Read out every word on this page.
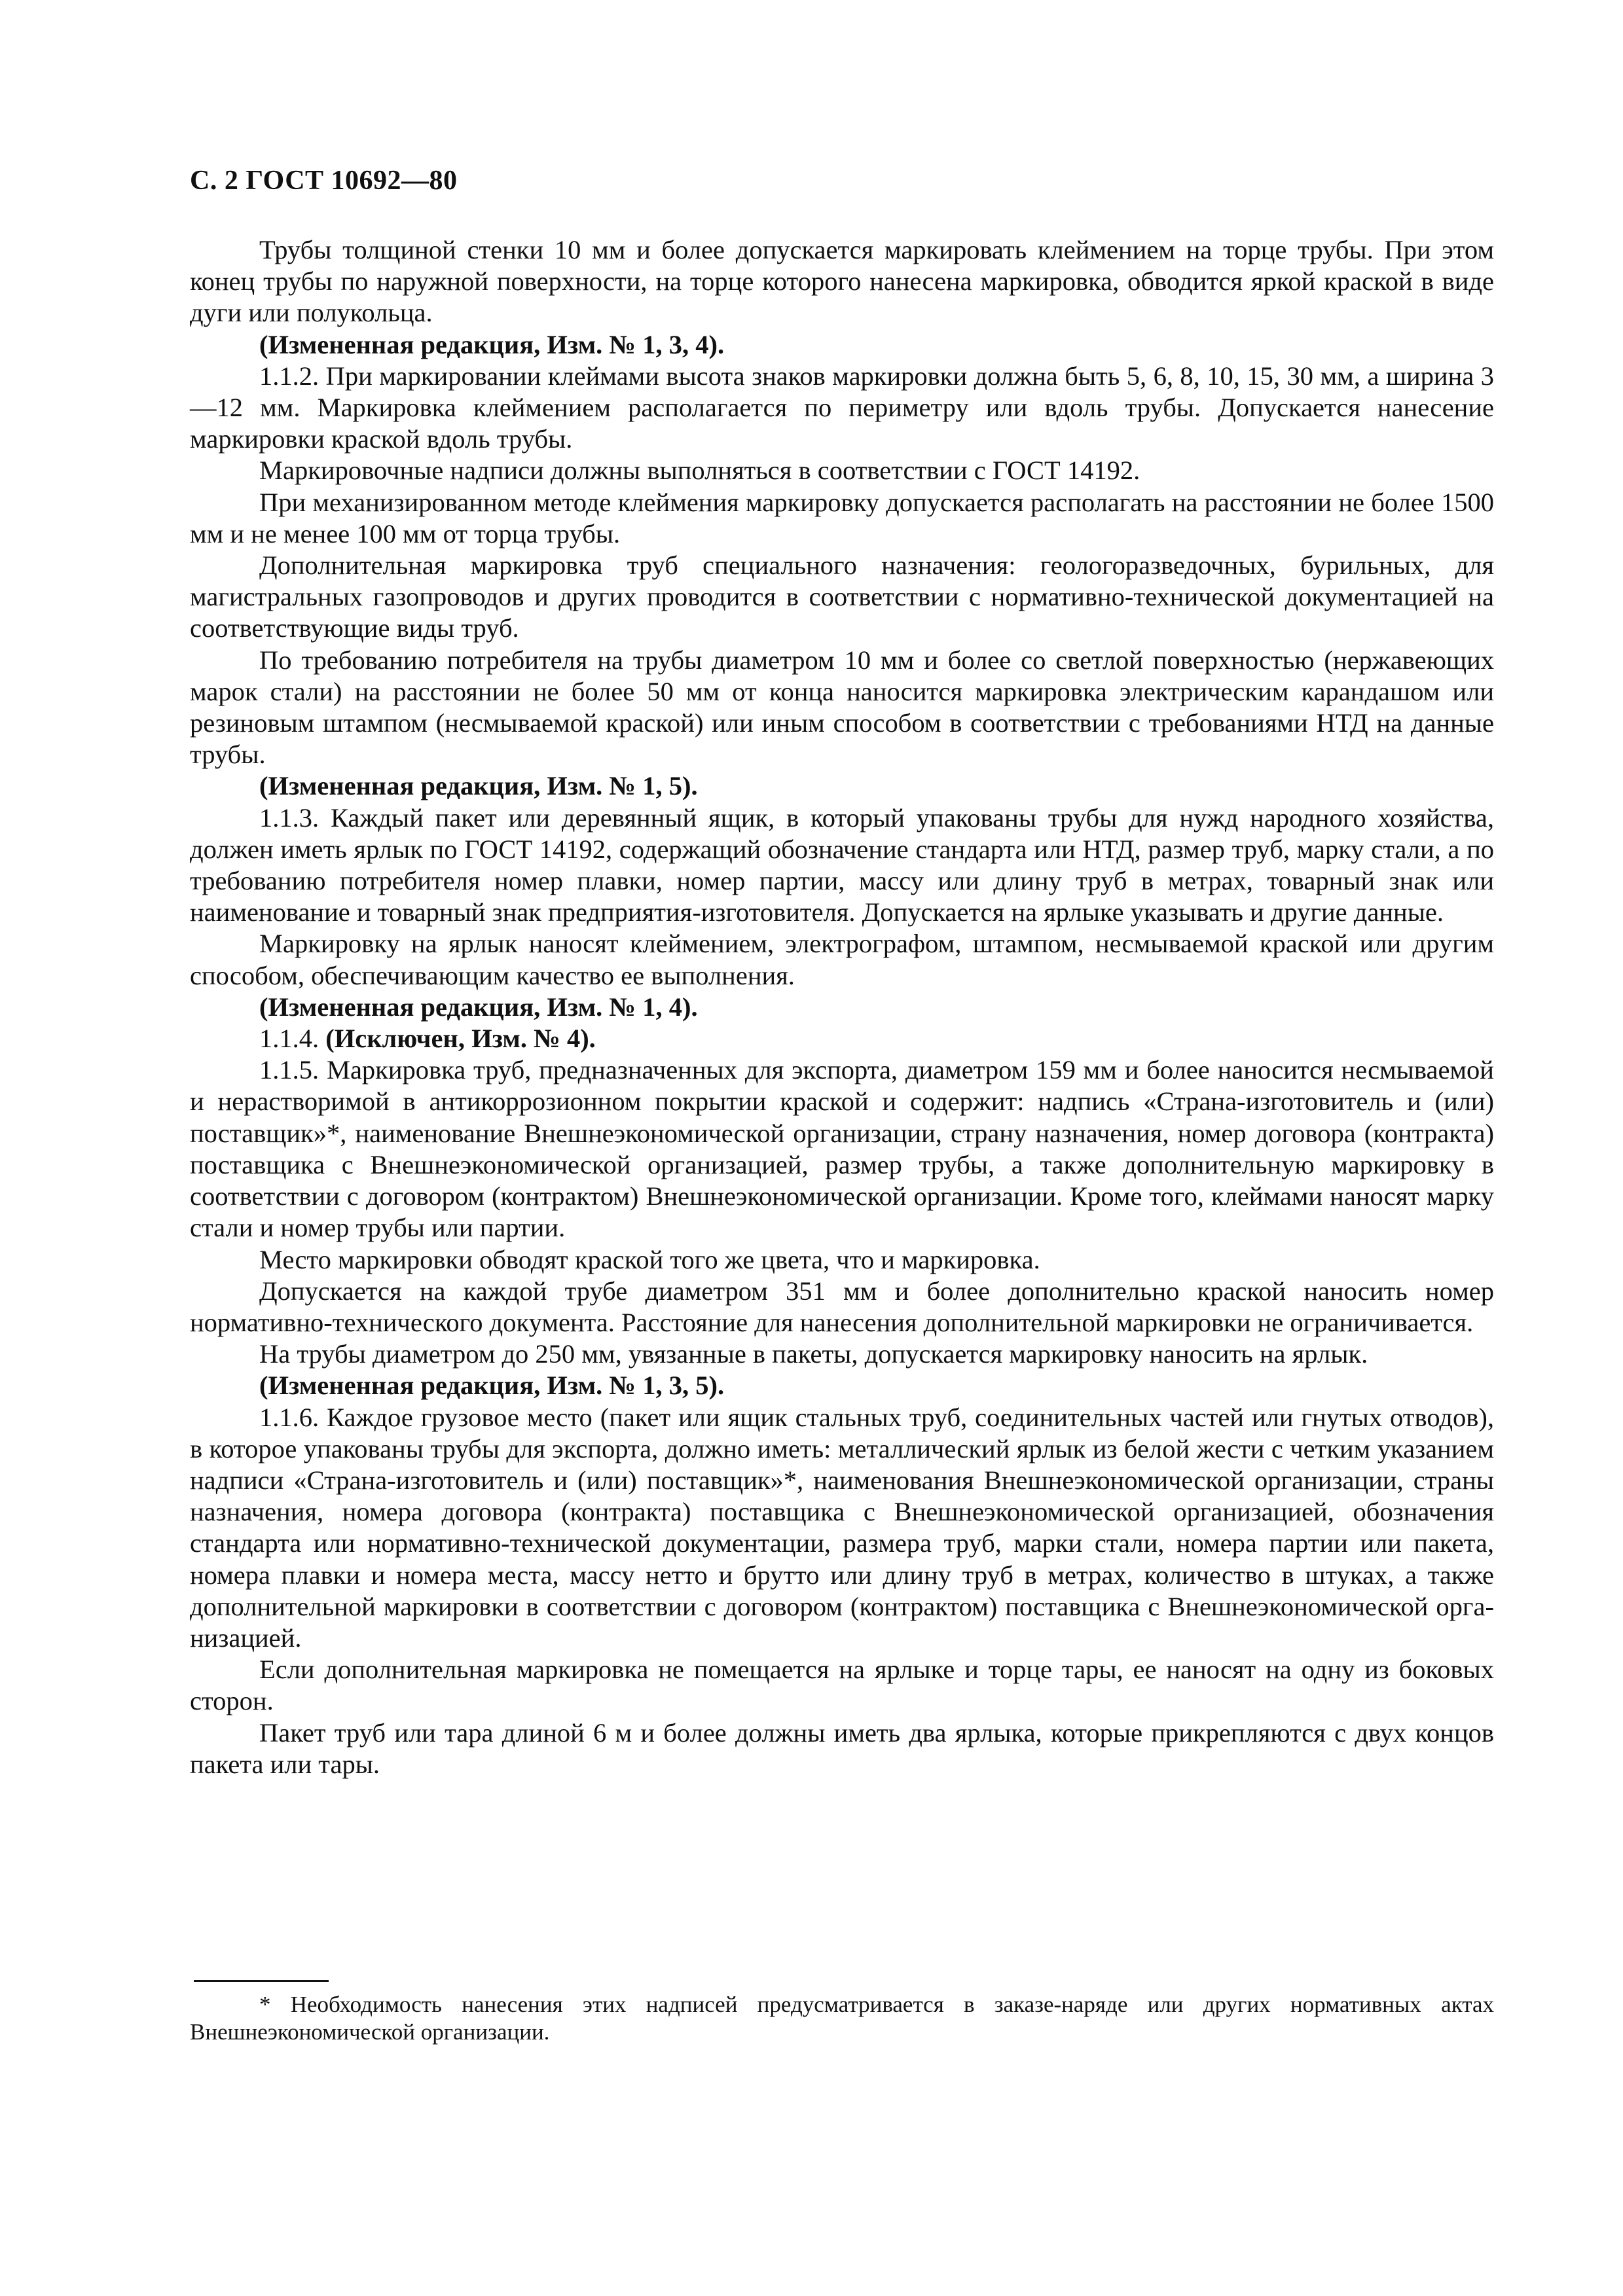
С. 2 ГОСТ 10692—80

Трубы толщиной стенки 10 мм и более допускается маркировать клеймением на торце трубы. При этом конец трубы по наружной поверхности, на торце которого нанесена маркировка, обводится яркой краской в виде дуги или полукольца.

(Измененная редакция, Изм. № 1, 3, 4).

1.1.2. При маркировании клеймами высота знаков маркировки должна быть 5, 6, 8, 10, 15, 30 мм, а ширина 3—12 мм. Маркировка клеймением располагается по периметру или вдоль трубы. Допускается нанесение маркировки краской вдоль трубы.

Маркировочные надписи должны выполняться в соответствии с ГОСТ 14192.

При механизированном методе клеймения маркировку допускается располагать на расстоянии не более 1500 мм и не менее 100 мм от торца трубы.

Дополнительная маркировка труб специального назначения: геологоразведочных, бурильных, для магистральных газопроводов и других проводится в соответствии с нормативно-технической документацией на соответствующие виды труб.

По требованию потребителя на трубы диаметром 10 мм и более со светлой поверхностью (нержавеющих марок стали) на расстоянии не более 50 мм от конца наносится маркировка электрическим карандашом или резиновым штампом (несмываемой краской) или иным способом в соответствии с требованиями НТД на данные трубы.

(Измененная редакция, Изм. № 1, 5).

1.1.3. Каждый пакет или деревянный ящик, в который упакованы трубы для нужд народного хозяйства, должен иметь ярлык по ГОСТ 14192, содержащий обозначение стандарта или НТД, размер труб, марку стали, а по требованию потребителя номер плавки, номер партии, массу или длину труб в метрах, товарный знак или наименование и товарный знак предприятия-изготовителя. Допускается на ярлыке указывать и другие данные.

Маркировку на ярлык наносят клеймением, электрографом, штампом, несмываемой краской или другим способом, обеспечивающим качество ее выполнения.

(Измененная редакция, Изм. № 1, 4).

1.1.4. (Исключен, Изм. № 4).

1.1.5. Маркировка труб, предназначенных для экспорта, диаметром 159 мм и более наносится несмываемой и нерастворимой в антикоррозионном покрытии краской и содержит: надпись «Страна-изготовитель и (или) поставщик»*, наименование Внешнеэкономической организации, страну назначения, номер договора (контракта) поставщика с Внешнеэкономической организацией, размер трубы, а также дополнительную маркировку в соответствии с договором (контрактом) Внешнеэкономической организации. Кроме того, клеймами наносят марку стали и номер трубы или партии.

Место маркировки обводят краской того же цвета, что и маркировка.

Допускается на каждой трубе диаметром 351 мм и более дополнительно краской наносить номер нормативно-технического документа. Расстояние для нанесения дополнительной маркировки не ограничивается.

На трубы диаметром до 250 мм, увязанные в пакеты, допускается маркировку наносить на ярлык.

(Измененная редакция, Изм. № 1, 3, 5).

1.1.6. Каждое грузовое место (пакет или ящик стальных труб, соединительных частей или гнутых отводов), в которое упакованы трубы для экспорта, должно иметь: металлический ярлык из белой жести с четким указанием надписи «Страна-изготовитель и (или) поставщик»*, наименования Внешнеэкономической организации, страны назначения, номера договора (контракта) поставщика с Внешнеэкономической организацией, обозначения стандарта или нормативно-технической документации, размера труб, марки стали, номера партии или пакета, номера плавки и номера места, массу нетто и брутто или длину труб в метрах, количество в штуках, а также дополнительной маркировки в соответствии с договором (контрактом) поставщика с Внешнеэкономической организацией.

Если дополнительная маркировка не помещается на ярлыке и торце тары, ее наносят на одну из боковых сторон.

Пакет труб или тара длиной 6 м и более должны иметь два ярлыка, которые прикрепляются с двух концов пакета или тары.

* Необходимость нанесения этих надписей предусматривается в заказе-наряде или других нормативных актах Внешнеэкономической организации.
